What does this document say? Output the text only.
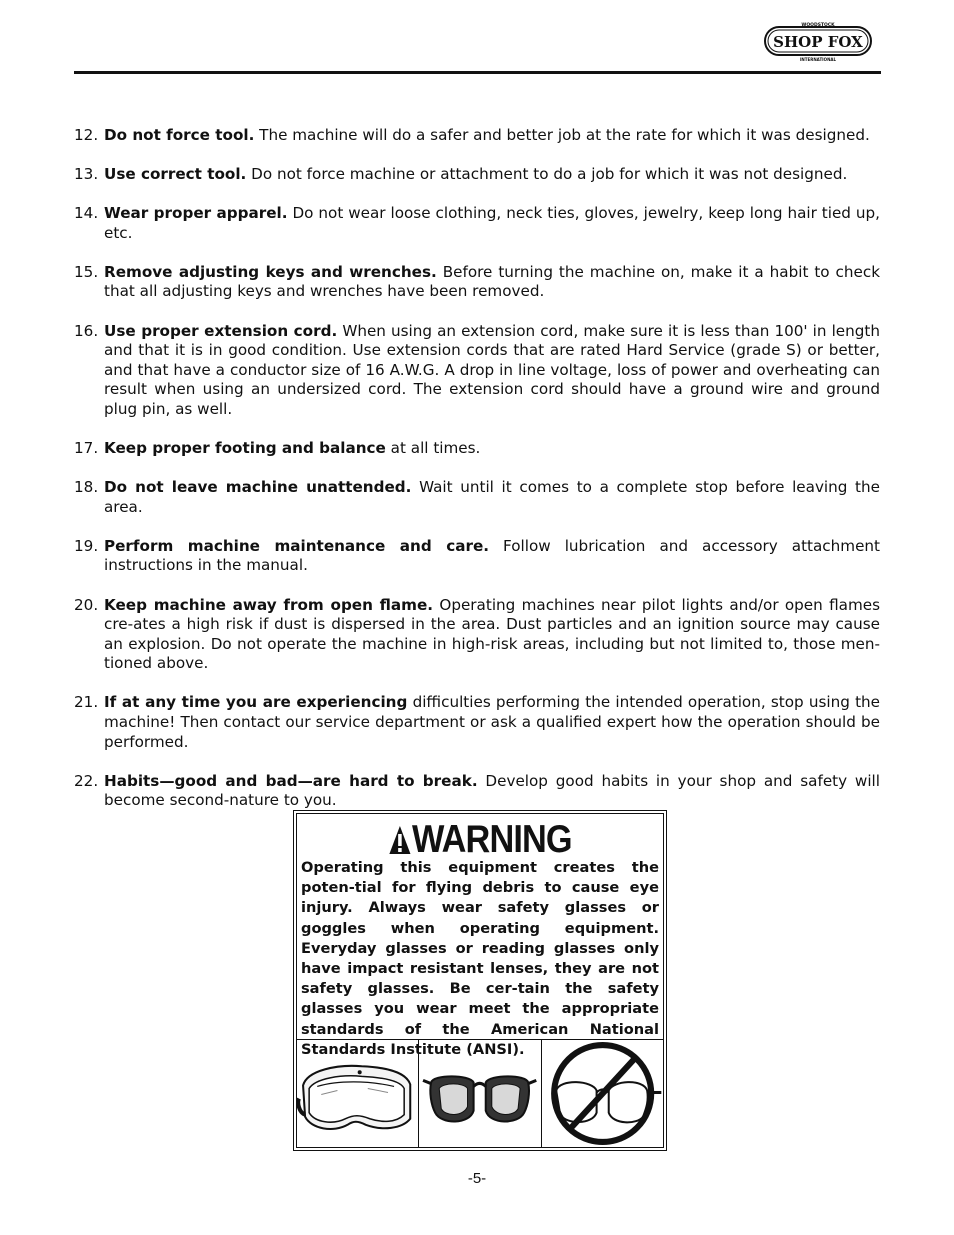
WOODSTOCK
SHOP FOX
INTERNATIONAL
12. Do not force tool. The machine will do a safer and better job at the rate for which it was designed.
13. Use correct tool. Do not force machine or attachment to do a job for which it was not designed.
14. Wear proper apparel. Do not wear loose clothing, neck ties, gloves, jewelry, keep long hair tied up, etc.
15. Remove adjusting keys and wrenches. Before turning the machine on, make it a habit to check that all adjusting keys and wrenches have been removed.
16. Use proper extension cord. When using an extension cord, make sure it is less than 100' in length and that it is in good condition. Use extension cords that are rated Hard Service (grade S) or better, and that have a conductor size of 16 A.W.G. A drop in line voltage, loss of power and overheating can result when using an undersized cord. The extension cord should have a ground wire and ground plug pin, as well.
17. Keep proper footing and balance at all times.
18. Do not leave machine unattended. Wait until it comes to a complete stop before leaving the area.
19. Perform machine maintenance and care. Follow lubrication and accessory attachment instructions in the manual.
20. Keep machine away from open flame. Operating machines near pilot lights and/or open flames cre-ates a high risk if dust is dispersed in the area. Dust particles and an ignition source may cause an explosion. Do not operate the machine in high-risk areas, including but not limited to, those men-tioned above.
21. If at any time you are experiencing difficulties performing the intended operation, stop using the machine! Then contact our service department or ask a qualified expert how the operation should be performed.
22. Habits—good and bad—are hard to break. Develop good habits in your shop and safety will become second-nature to you.
WARNING
Operating this equipment creates the poten-tial for flying debris to cause eye injury. Always wear safety glasses or goggles when operating equipment. Everyday glasses or reading glasses only have impact resistant lenses, they are not safety glasses. Be cer-tain the safety glasses you wear meet the appropriate standards of the American National Standards Institute (ANSI).
-5-
